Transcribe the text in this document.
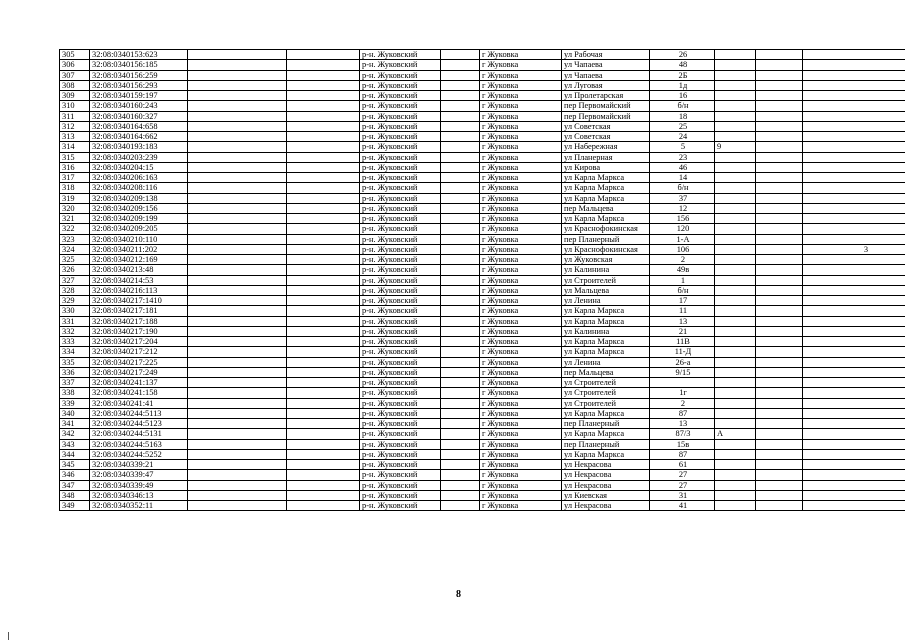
305	32:08:0340153:623			р-н. Жуковский		г Жуковка	ул Рабочая	26			
306	32:08:0340156:185			р-н. Жуковский		г Жуковка	ул Чапаева	48			
307	32:08:0340156:259			р-н. Жуковский		г Жуковка	ул Чапаева	2Б			
308	32:08:0340156:293			р-н. Жуковский		г Жуковка	ул Луговая	1д			
309	32:08:0340159:197			р-н. Жуковский		г Жуковка	ул Пролетарская	16			
310	32:08:0340160:243			р-н. Жуковский		г Жуковка	пер Первомайский	б/н			
311	32:08:0340160:327			р-н. Жуковский		г Жуковка	пер Первомайский	18			
312	32:08:0340164:658			р-н. Жуковский		г Жуковка	ул Советская	25			
313	32:08:0340164:662			р-н. Жуковский		г Жуковка	ул Советская	24			
314	32:08:0340193:183			р-н. Жуковский		г Жуковка	ул Набережная	5	9		
315	32:08:0340203:239			р-н. Жуковский		г Жуковка	ул Планерная	23			
316	32:08:0340204:15			р-н. Жуковский		г Жуковка	ул Кирова	46			
317	32:08:0340206:163			р-н. Жуковский		г Жуковка	ул Карла Маркса	14			
318	32:08:0340208:116			р-н. Жуковский		г Жуковка	ул Карла Маркса	б/н			
319	32:08:0340209:138			р-н. Жуковский		г Жуковка	ул Карла Маркса	37			
320	32:08:0340209:156			р-н. Жуковский		г Жуковка	пер Мальцева	12			
321	32:08:0340209:199			р-н. Жуковский		г Жуковка	ул Карла Маркса	156			
322	32:08:0340209:205			р-н. Жуковский		г Жуковка	ул Краснофокинская	120			
323	32:08:0340210:110			р-н. Жуковский		г Жуковка	пер Планерный	1-А			
324	32:08:0340211:202			р-н. Жуковский		г Жуковка	ул Краснофокинская	106			3
325	32:08:0340212:169			р-н. Жуковский		г Жуковка	ул Жуковская	2			
326	32:08:0340213:48			р-н. Жуковский		г Жуковка	ул Калинина	49в			
327	32:08:0340214:53			р-н. Жуковский		г Жуковка	ул Строителей	1			
328	32:08:0340216:113			р-н. Жуковский		г Жуковка	ул Мальцева	б/н			
329	32:08:0340217:1410			р-н. Жуковский		г Жуковка	ул Ленина	17			
330	32:08:0340217:181			р-н. Жуковский		г Жуковка	ул Карла Маркса	11			
331	32:08:0340217:188			р-н. Жуковский		г Жуковка	ул Карла Маркса	13			
332	32:08:0340217:190			р-н. Жуковский		г Жуковка	ул Калинина	21			
333	32:08:0340217:204			р-н. Жуковский		г Жуковка	ул Карла Маркса	11В			
334	32:08:0340217:212			р-н. Жуковский		г Жуковка	ул Карла Маркса	11-Д			
335	32:08:0340217:225			р-н. Жуковский		г Жуковка	ул Ленина	26-а			
336	32:08:0340217:249			р-н. Жуковский		г Жуковка	пер Мальцева	9/15			
337	32:08:0340241:137			р-н. Жуковский		г Жуковка	ул Строителей				
338	32:08:0340241:158			р-н. Жуковский		г Жуковка	ул Строителей	1г			
339	32:08:0340241:41			р-н. Жуковский		г Жуковка	ул Строителей	2			
340	32:08:0340244:5113			р-н. Жуковский		г Жуковка	ул Карла Маркса	87			
341	32:08:0340244:5123			р-н. Жуковский		г Жуковка	пер Планерный	13			
342	32:08:0340244:5131			р-н. Жуковский		г Жуковка	ул Карла Маркса	87/3	А		
343	32:08:0340244:5163			р-н. Жуковский		г Жуковка	пер Планерный	15в			
344	32:08:0340244:5252			р-н. Жуковский		г Жуковка	ул Карла Маркса	87			
345	32:08:0340339:21			р-н. Жуковский		г Жуковка	ул Некрасова	61			
346	32:08:0340339:47			р-н. Жуковский		г Жуковка	ул Некрасова	27			
347	32:08:0340339:49			р-н. Жуковский		г Жуковка	ул Некрасова	27			
348	32:08:0340346:13			р-н. Жуковский		г Жуковка	ул Киевская	31			
349	32:08:0340352:11			р-н. Жуковский		г Жуковка	ул Некрасова	41			
8
